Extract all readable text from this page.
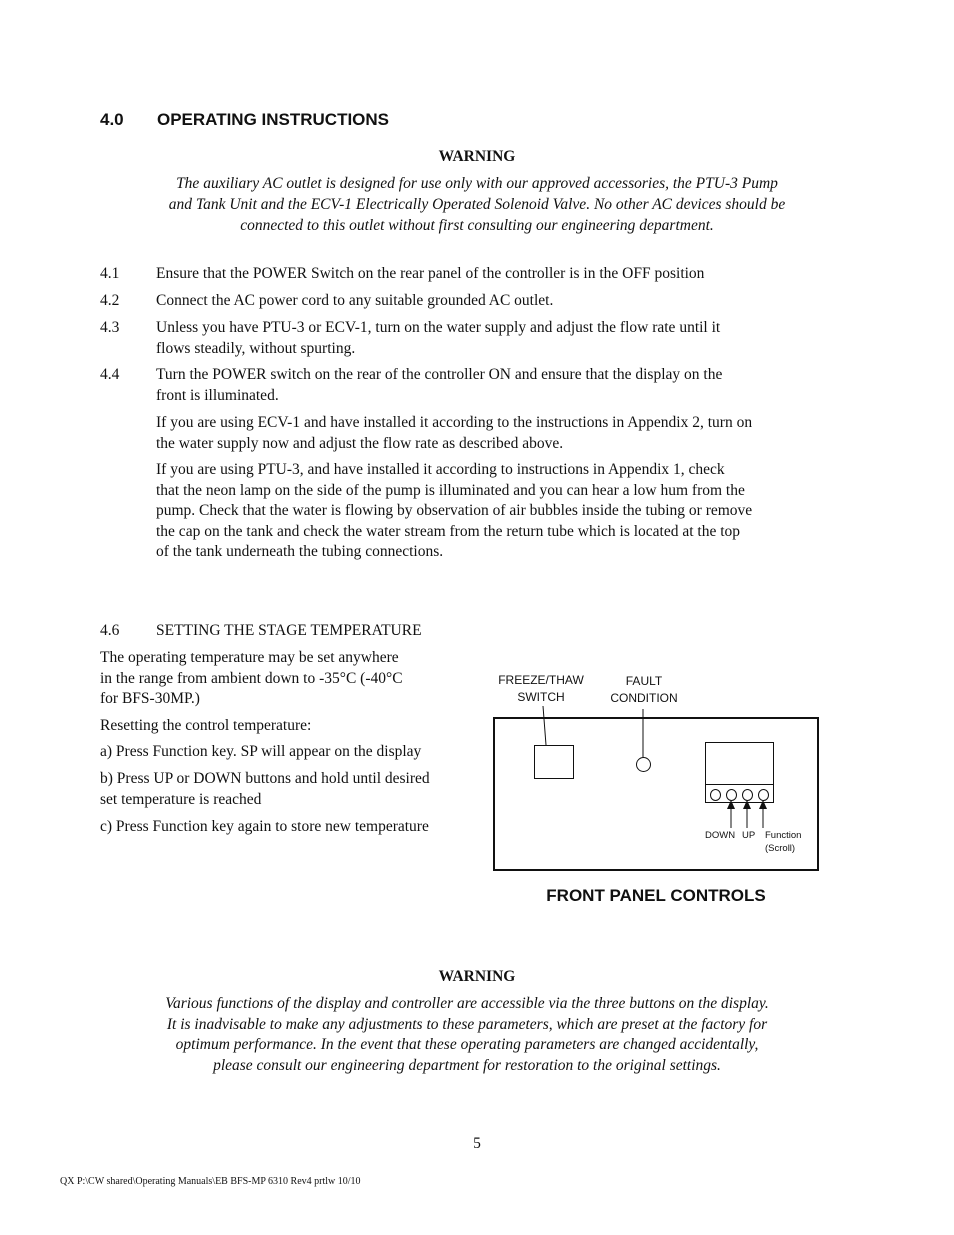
4.0 OPERATING INSTRUCTIONS
WARNING
The auxiliary AC outlet is designed for use only with our approved accessories, the PTU-3 Pump
and Tank Unit and the ECV-1 Electrically Operated Solenoid Valve. No other AC devices should be
connected to this outlet without first consulting our engineering department.
4.1 Ensure that the POWER Switch on the rear panel of the controller is in the OFF position
4.2 Connect the AC power cord to any suitable grounded AC outlet.
4.3 Unless you have PTU-3 or ECV-1, turn on the water supply and adjust the flow rate until it
flows steadily, without spurting.
4.4 Turn the POWER switch on the rear of the controller ON and ensure that the display on the
front is illuminated.
If you are using ECV-1 and have installed it according to the instructions in Appendix 2, turn on
the water supply now and adjust the flow rate as described above.
If you are using PTU-3, and have installed it according to instructions in Appendix 1, check
that the neon lamp on the side of the pump is illuminated and you can hear a low hum from the
pump. Check that the water is flowing by observation of air bubbles inside the tubing or remove
the cap on the tank and check the water stream from the return tube which is located at the top
of the tank underneath the tubing connections.
4.6 SETTING THE STAGE TEMPERATURE
The operating temperature may be set anywhere
in the range from ambient down to -35°C (-40°C
for BFS-30MP.)
Resetting the control temperature:
a) Press Function key. SP will appear on the display
b) Press UP or DOWN buttons and hold until desired
set temperature is reached
c) Press Function key again to store new temperature
FREEZE/THAW
SWITCH
FAULT
CONDITION
DOWN UP Function
(Scroll)
FRONT PANEL CONTROLS
WARNING
Various functions of the display and controller are accessible via the three buttons on the display.
It is inadvisable to make any adjustments to these parameters, which are preset at the factory for
optimum performance. In the event that these operating parameters are changed accidentally,
please consult our engineering department for restoration to the original settings.
5
QX P:\CW shared\Operating Manuals\EB BFS-MP 6310 Rev4 prtlw 10/10
